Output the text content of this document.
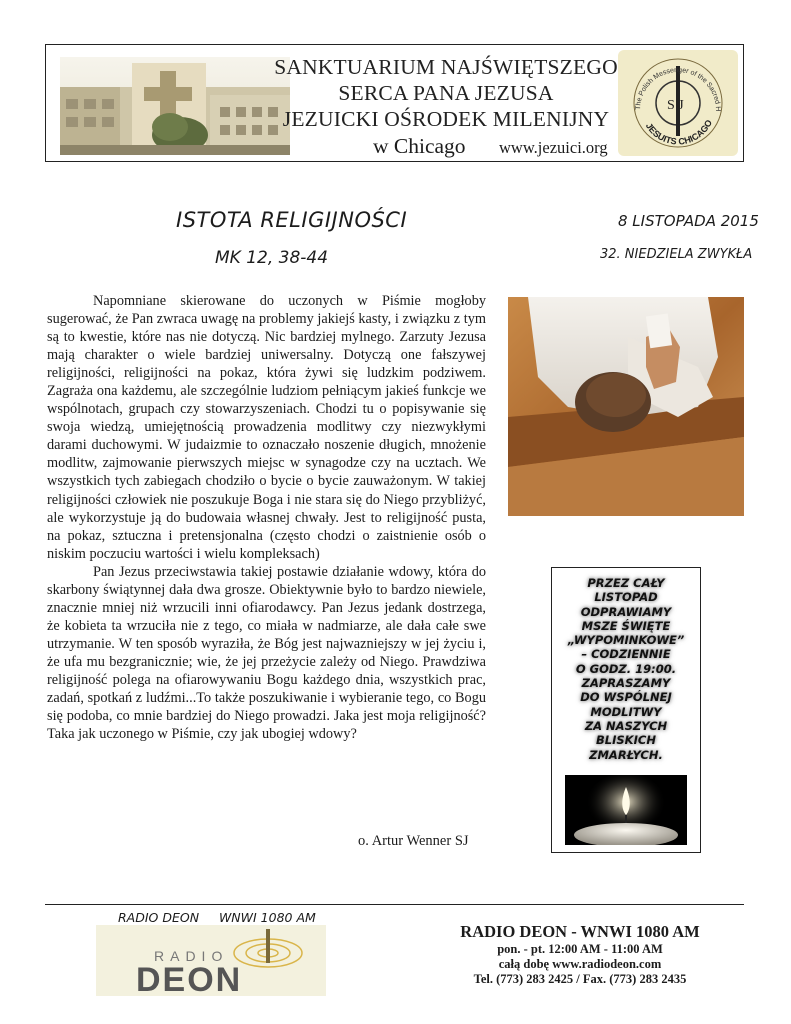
SANKTUARIUM NAJŚWIĘTSZEGO
SERCA PANA JEZUSA
JEZUICKI OŚRODEK MILENIJNY
w Chicago www.jezuici.org
S J
The Polish Messenger of the Sacred H
JESUITS CHICAGO
ISTOTA RELIGIJNOŚCI
MK 12, 38-44
8 LISTOPADA 2015
32. NIEDZIELA ZWYKŁA

Napomniane skierowane do uczonych w Piśmie mogłoby sugerować, że Pan zwraca uwagę na problemy jakiejś kasty, i związku z tym są to kwestie, które nas nie dotyczą. Nic bardziej mylnego. Zarzuty Jezusa mają charakter o wiele bardziej uniwersalny. Dotyczą one fałszywej religijności, religijności na pokaz, która żywi się ludzkim podziwem. Zagraża ona każdemu, ale szczególnie ludziom pełniącym jakieś funkcje we wspólnotach, grupach czy stowarzyszeniach. Chodzi tu o popisywanie się swoja wiedzą, umiejętnością prowadzenia modlitwy czy niezwykłymi darami duchowymi. W judaizmie to oznaczało noszenie długich, mnożenie modlitw, zajmowanie pierwszych miejsc w synagodze czy na ucztach. We wszystkich tych zabiegach chodziło o bycie o bycie zauważonym. W takiej religijności człowiek nie poszukuje Boga i nie stara się do Niego przybliżyć, ale wykorzystuje ją do budowaia własnej chwały. Jest to religijność pusta, na pokaz, sztuczna i pretensjonalna (często chodzi o zaistnienie osób o niskim poczuciu wartości i wielu kompleksach)

Pan Jezus przeciwstawia takiej postawie działanie wdowy, która do skarbony świątynnej dała dwa grosze. Obiektywnie było to bardzo niewiele, znacznie mniej niż wrzucili inni ofiarodawcy. Pan Jezus jedank dostrzega, że kobieta ta wrzuciła nie z tego, co miała w nadmiarze, ale dała całe swe utrzymanie. W ten sposób wyraziła, że Bóg jest najwazniejszy w jej życiu i, że ufa mu bezgranicznie; wie, że jej przeżycie zależy od Niego. Prawdziwa religijność polega na ofiarowywaniu Bogu każdego dnia, wszystkich prac, zadań, spotkań z ludźmi...To także poszukiwanie i wybieranie tego, co Bogu się podoba, co mnie bardziej do Niego prowadzi. Jaka jest moja religijność? Taka jak uczonego w Piśmie, czy jak ubogiej wdowy?

o. Artur Wenner SJ
PRZEZ CAŁY
LISTOPAD
ODPRAWIAMY
MSZE ŚWIĘTE
„WYPOMINKOWE”
– CODZIENNIE
O GODZ. 19:00.
ZAPRASZAMY
DO WSPÓLNEJ
MODLITWY
ZA NASZYCH
BLISKICH
ZMARŁYCH.
RADIO DEON     WNWI 1080 AM
RADIO
DEON
RADIO DEON - WNWI 1080 AM
pon. - pt. 12:00 AM - 11:00 AM
całą dobę www.radiodeon.com
Tel. (773) 283 2425 / Fax. (773) 283 2435
